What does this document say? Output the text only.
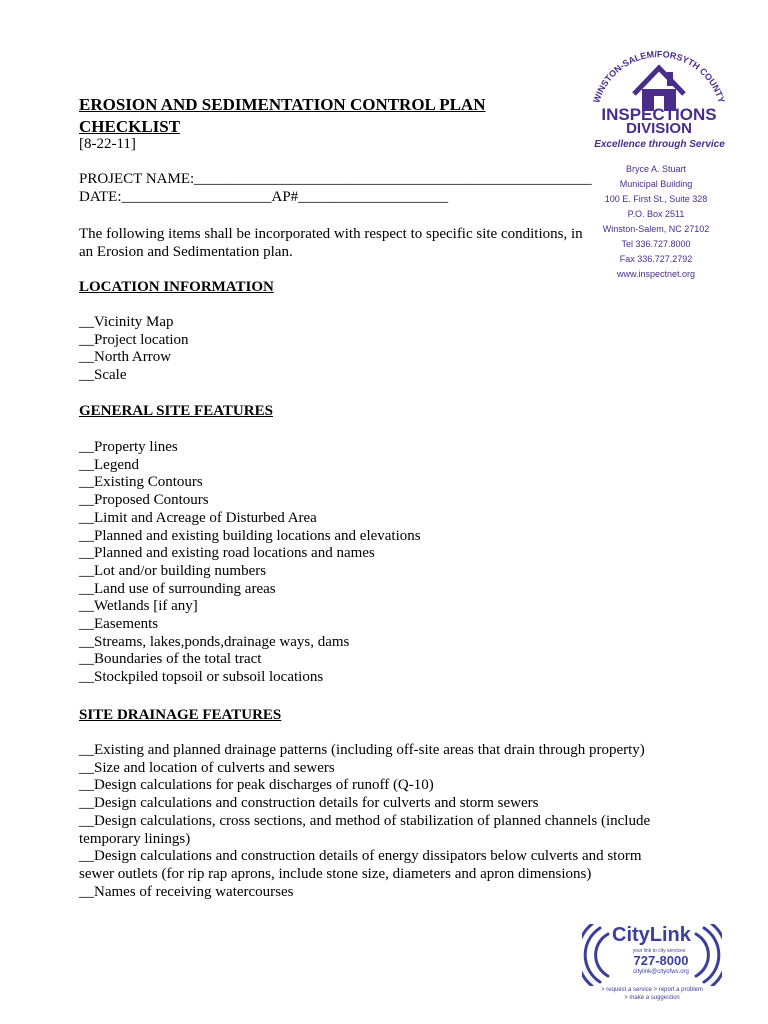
EROSION AND SEDIMENTATION CONTROL PLAN CHECKLIST
[8-22-11]
PROJECT NAME:_____________________________________________________
DATE:____________________AP#____________________
The following items shall be incorporated with respect to specific site conditions, in an Erosion and Sedimentation plan.
LOCATION INFORMATION
__Vicinity Map
__Project location
__North Arrow
__Scale
GENERAL SITE FEATURES
__Property lines
__Legend
__Existing Contours
__Proposed Contours
__Limit and Acreage of Disturbed Area
__Planned and existing building locations and elevations
__Planned and existing road locations and names
__Lot and/or building numbers
__Land use of surrounding areas
__Wetlands [if any]
__Easements
__Streams, lakes,ponds,drainage ways, dams
__Boundaries of the total tract
__Stockpiled topsoil or subsoil locations
SITE DRAINAGE FEATURES
__Existing and planned drainage patterns (including off-site areas that drain through property)
__Size and location of culverts and sewers
__Design calculations for peak discharges of runoff (Q-10)
__Design calculations and construction details for culverts and storm sewers
__Design calculations, cross sections, and method of stabilization of planned channels (include temporary linings)
__Design calculations and construction details of energy dissipators below culverts and storm sewer outlets (for rip rap aprons, include stone size, diameters and apron dimensions)
__Names of receiving watercourses
WINSTON-SALEM/FORSYTH COUNTY
INSPECTIONS
DIVISION
Excellence through Service
Bryce A. Stuart
Municipal Building
100 E. First St., Suite 328
P.O. Box 2511
Winston-Salem, NC 27102
Tel 336.727.8000
Fax 336.727.2792
www.inspectnet.org
CityLink
your link to city services
727-8000
citylink@cityofws.org
> request a service > report a problem
> make a suggestion
